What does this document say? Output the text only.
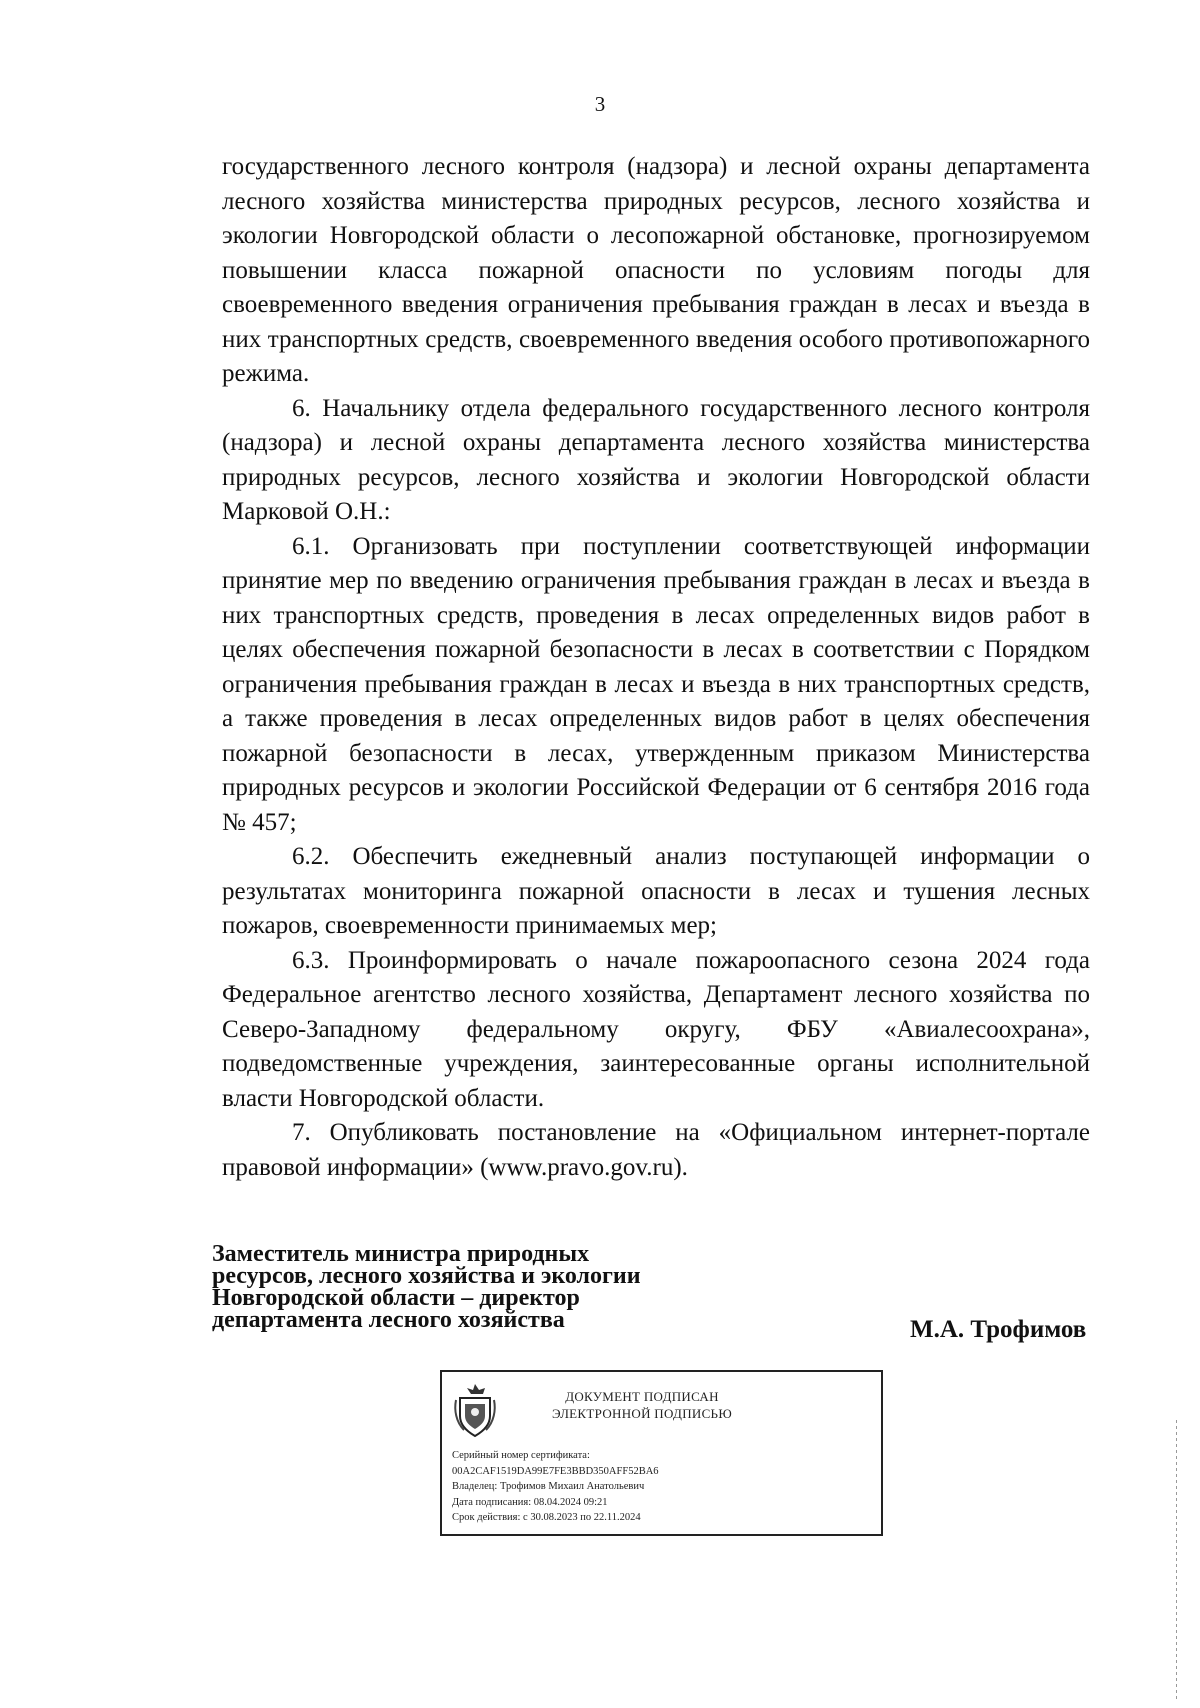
3

государственного лесного контроля (надзора) и лесной охраны департамента лесного хозяйства министерства природных ресурсов, лесного хозяйства и экологии Новгородской области о лесопожарной обстановке, прогнозируемом повышении класса пожарной опасности по условиям погоды для своевременного введения ограничения пребывания граждан в лесах и въезда в них транспортных средств, своевременного введения особого противопожарного режима.

6. Начальнику отдела федерального государственного лесного контроля (надзора) и лесной охраны департамента лесного хозяйства министерства природных ресурсов, лесного хозяйства и экологии Новгородской области Марковой О.Н.:

6.1. Организовать при поступлении соответствующей информации принятие мер по введению ограничения пребывания граждан в лесах и въезда в них транспортных средств, проведения в лесах определенных видов работ в целях обеспечения пожарной безопасности в лесах в соответствии с Порядком ограничения пребывания граждан в лесах и въезда в них транспортных средств, а также проведения в лесах определенных видов работ в целях обеспечения пожарной безопасности в лесах, утвержденным приказом Министерства природных ресурсов и экологии Российской Федерации от 6 сентября 2016 года № 457;

6.2. Обеспечить ежедневный анализ поступающей информации о результатах мониторинга пожарной опасности в лесах и тушения лесных пожаров, своевременности принимаемых мер;

6.3. Проинформировать о начале пожароопасного сезона 2024 года Федеральное агентство лесного хозяйства, Департамент лесного хозяйства по Северо-Западному федеральному округу, ФБУ «Авиалесоохрана», подведомственные учреждения, заинтересованные органы исполнительной власти Новгородской области.

7. Опубликовать постановление на «Официальном интернет-портале правовой информации» (www.pravo.gov.ru).

Заместитель министра природных
ресурсов, лесного хозяйства и экологии
Новгородской области – директор
департамента лесного хозяйства	М.А. Трофимов
ДОКУМЕНТ ПОДПИСАН
ЭЛЕКТРОННОЙ ПОДПИСЬЮ
Серийный номер сертификата:
00A2CAF1519DA99E7FE3BBD350AFF52BA6
Владелец: Трофимов Михаил Анатольевич
Дата подписания: 08.04.2024 09:21
Срок действия: с 30.08.2023 по 22.11.2024
